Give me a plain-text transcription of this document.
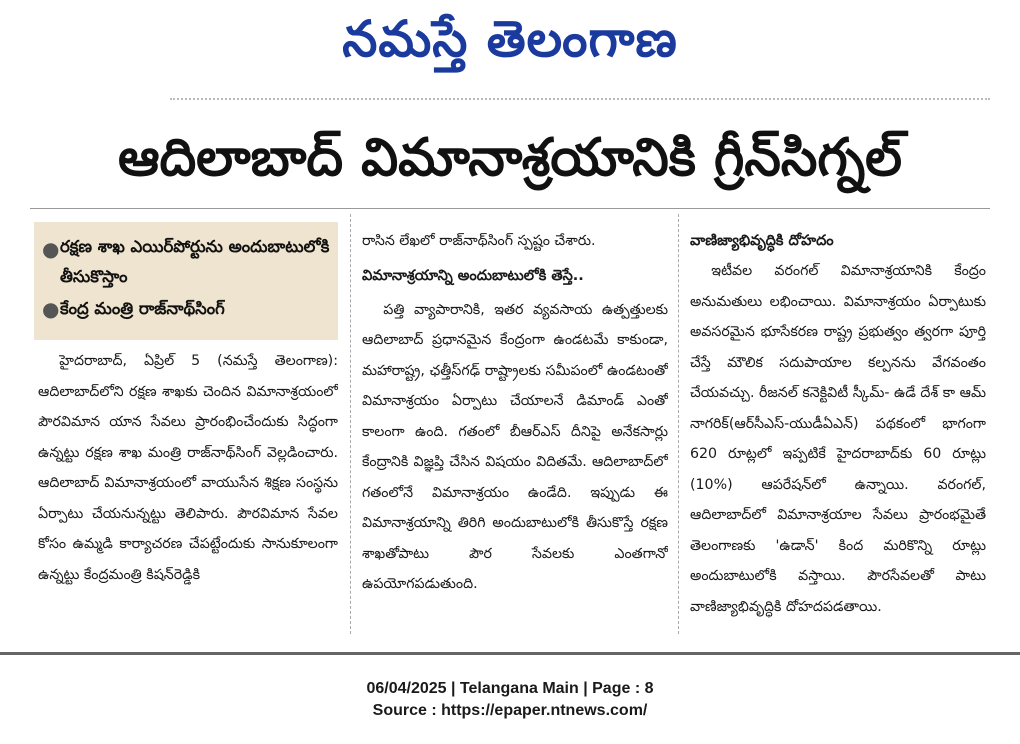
నమస్తే తెలంగాణ
ఆదిలాబాద్ విమానాశ్రయానికి గ్రీన్‌సిగ్నల్
● రక్షణ శాఖ ఎయిర్‌పోర్టును అందుబాటులోకి తీసుకొస్తాం
● కేంద్ర మంత్రి రాజ్‌నాథ్‌సింగ్
హైదరాబాద్, ఏప్రిల్ 5 (నమస్తే తెలంగాణ): ఆదిలాబాద్‌లోని రక్షణ శాఖకు చెందిన విమానాశ్రయంలో పౌరవిమాన యాన సేవలు ప్రారంభించేందుకు సిద్ధంగా ఉన్నట్టు రక్షణ శాఖ మంత్రి రాజ్‌నాథ్‌సింగ్ వెల్లడించారు. ఆదిలాబాద్ విమానాశ్రయంలో వాయుసేన శిక్షణ సంస్థను ఏర్పాటు చేయనున్నట్టు తెలిపారు. పౌరవిమాన సేవల కోసం ఉమ్మడి కార్యాచరణ చేపట్టేందుకు సానుకూలంగా ఉన్నట్టు కేంద్రమంత్రి కిషన్‌రెడ్డికి
రాసిన లేఖలో రాజ్‌నాథ్‌సింగ్ స్పష్టం చేశారు.
విమానాశ్రయాన్ని అందుబాటులోకి తెస్తే..
పత్తి వ్యాపారానికి, ఇతర వ్యవసాయ ఉత్పత్తులకు ఆదిలాబాద్ ప్రధానమైన కేంద్రంగా ఉండటమే కాకుండా, మహారాష్ట్ర, ఛత్తీస్‌గఢ్ రాష్ట్రాలకు సమీపంలో ఉండటంతో విమానాశ్రయం ఏర్పాటు చేయాలనే డిమాండ్ ఎంతో కాలంగా ఉంది. గతంలో బీఆర్‌ఎస్ దీనిపై అనేకసార్లు కేంద్రానికి విజ్ఞప్తి చేసిన విషయం విదితమే. ఆదిలాబాద్‌లో గతంలోనే విమానాశ్రయం ఉండేది. ఇప్పుడు ఈ విమానాశ్రయాన్ని తిరిగి అందుబాటులోకి తీసుకొస్తే రక్షణ శాఖతోపాటు పౌర సేవలకు ఎంతగానో ఉపయోగపడుతుంది.
వాణిజ్యాభివృద్ధికి దోహదం
ఇటీవల వరంగల్ విమానాశ్రయానికి కేంద్రం అనుమతులు లభించాయి. విమానాశ్రయం ఏర్పాటుకు అవసరమైన భూసేకరణ రాష్ట్ర ప్రభుత్వం త్వరగా పూర్తి చేస్తే మౌలిక సదుపాయాల కల్పనను వేగవంతం చేయవచ్చు. రీజనల్ కనెక్టివిటీ స్కీమ్- ఉడే దేశ్ కా ఆమ్ నాగరిక్(ఆర్‌సీఎస్-యుడీఏఎన్) పథకంలో భాగంగా 620 రూట్లలో ఇప్పటికే హైదరాబాద్‌కు 60 రూట్లు (10%) ఆపరేషన్‌లో ఉన్నాయి. వరంగల్, ఆదిలాబాద్‌లో విమానాశ్రయాల సేవలు ప్రారంభమైతే తెలంగాణకు 'ఉడాన్' కింద మరికొన్ని రూట్లు అందుబాటులోకి వస్తాయి. పౌరసేవలతో పాటు వాణిజ్యాభివృద్ధికి దోహదపడతాయి.
06/04/2025 | Telangana Main | Page : 8
Source : https://epaper.ntnews.com/
